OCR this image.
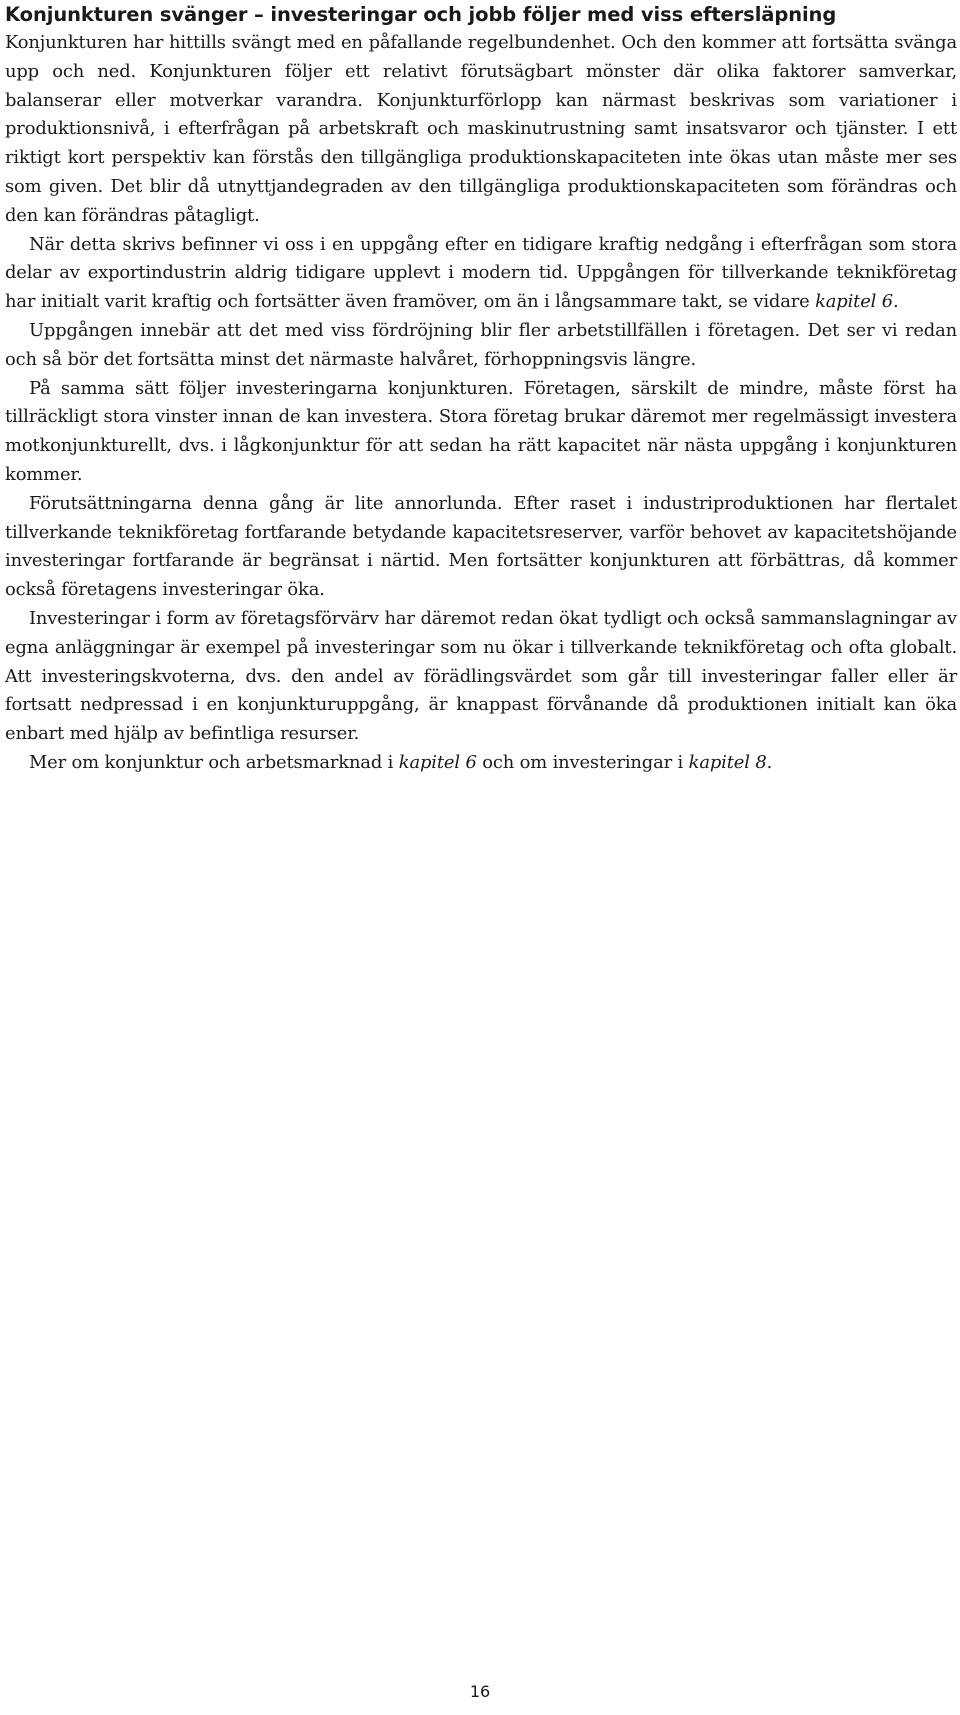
Konjunkturen svänger – investeringar och jobb följer med viss eftersläpning

Konjunkturen har hittills svängt med en påfallande regelbundenhet. Och den kommer att fortsätta svänga upp och ned. Konjunkturen följer ett relativt förutsägbart mönster där olika faktorer samverkar, balanserar eller motverkar varandra. Konjunkturförlopp kan närmast beskrivas som variationer i produktionsnivå, i efterfrågan på arbetskraft och maskinutrustning samt insatsvaror och tjänster. I ett riktigt kort perspektiv kan förstås den tillgängliga produktionskapaciteten inte ökas utan måste mer ses som given. Det blir då utnyttjandegraden av den tillgängliga produktionskapaciteten som förändras och den kan förändras påtagligt.

När detta skrivs befinner vi oss i en uppgång efter en tidigare kraftig nedgång i efterfrågan som stora delar av exportindustrin aldrig tidigare upplevt i modern tid. Uppgången för tillverkande teknikföretag har initialt varit kraftig och fortsätter även framöver, om än i långsammare takt, se vidare kapitel 6.

Uppgången innebär att det med viss fördröjning blir fler arbetstillfällen i företagen. Det ser vi redan och så bör det fortsätta minst det närmaste halvåret, förhoppningsvis längre.

På samma sätt följer investeringarna konjunkturen. Företagen, särskilt de mindre, måste först ha tillräckligt stora vinster innan de kan investera. Stora företag brukar däremot mer regelmässigt investera motkonjunkturellt, dvs. i lågkonjunktur för att sedan ha rätt kapacitet när nästa uppgång i konjunkturen kommer.

Förutsättningarna denna gång är lite annorlunda. Efter raset i industriproduktionen har flertalet tillverkande teknikföretag fortfarande betydande kapacitetsreserver, varför behovet av kapacitetshöjande investeringar fortfarande är begränsat i närtid. Men fortsätter konjunkturen att förbättras, då kommer också företagens investeringar öka.

Investeringar i form av företagsförvärv har däremot redan ökat tydligt och också sammanslagningar av egna anläggningar är exempel på investeringar som nu ökar i tillverkande teknikföretag och ofta globalt. Att investeringskvoterna, dvs. den andel av förädlingsvärdet som går till investeringar faller eller är fortsatt nedpressad i en konjunkturuppgång, är knappast förvånande då produktionen initialt kan öka enbart med hjälp av befintliga resurser.

Mer om konjunktur och arbetsmarknad i kapitel 6 och om investeringar i kapitel 8.

16
